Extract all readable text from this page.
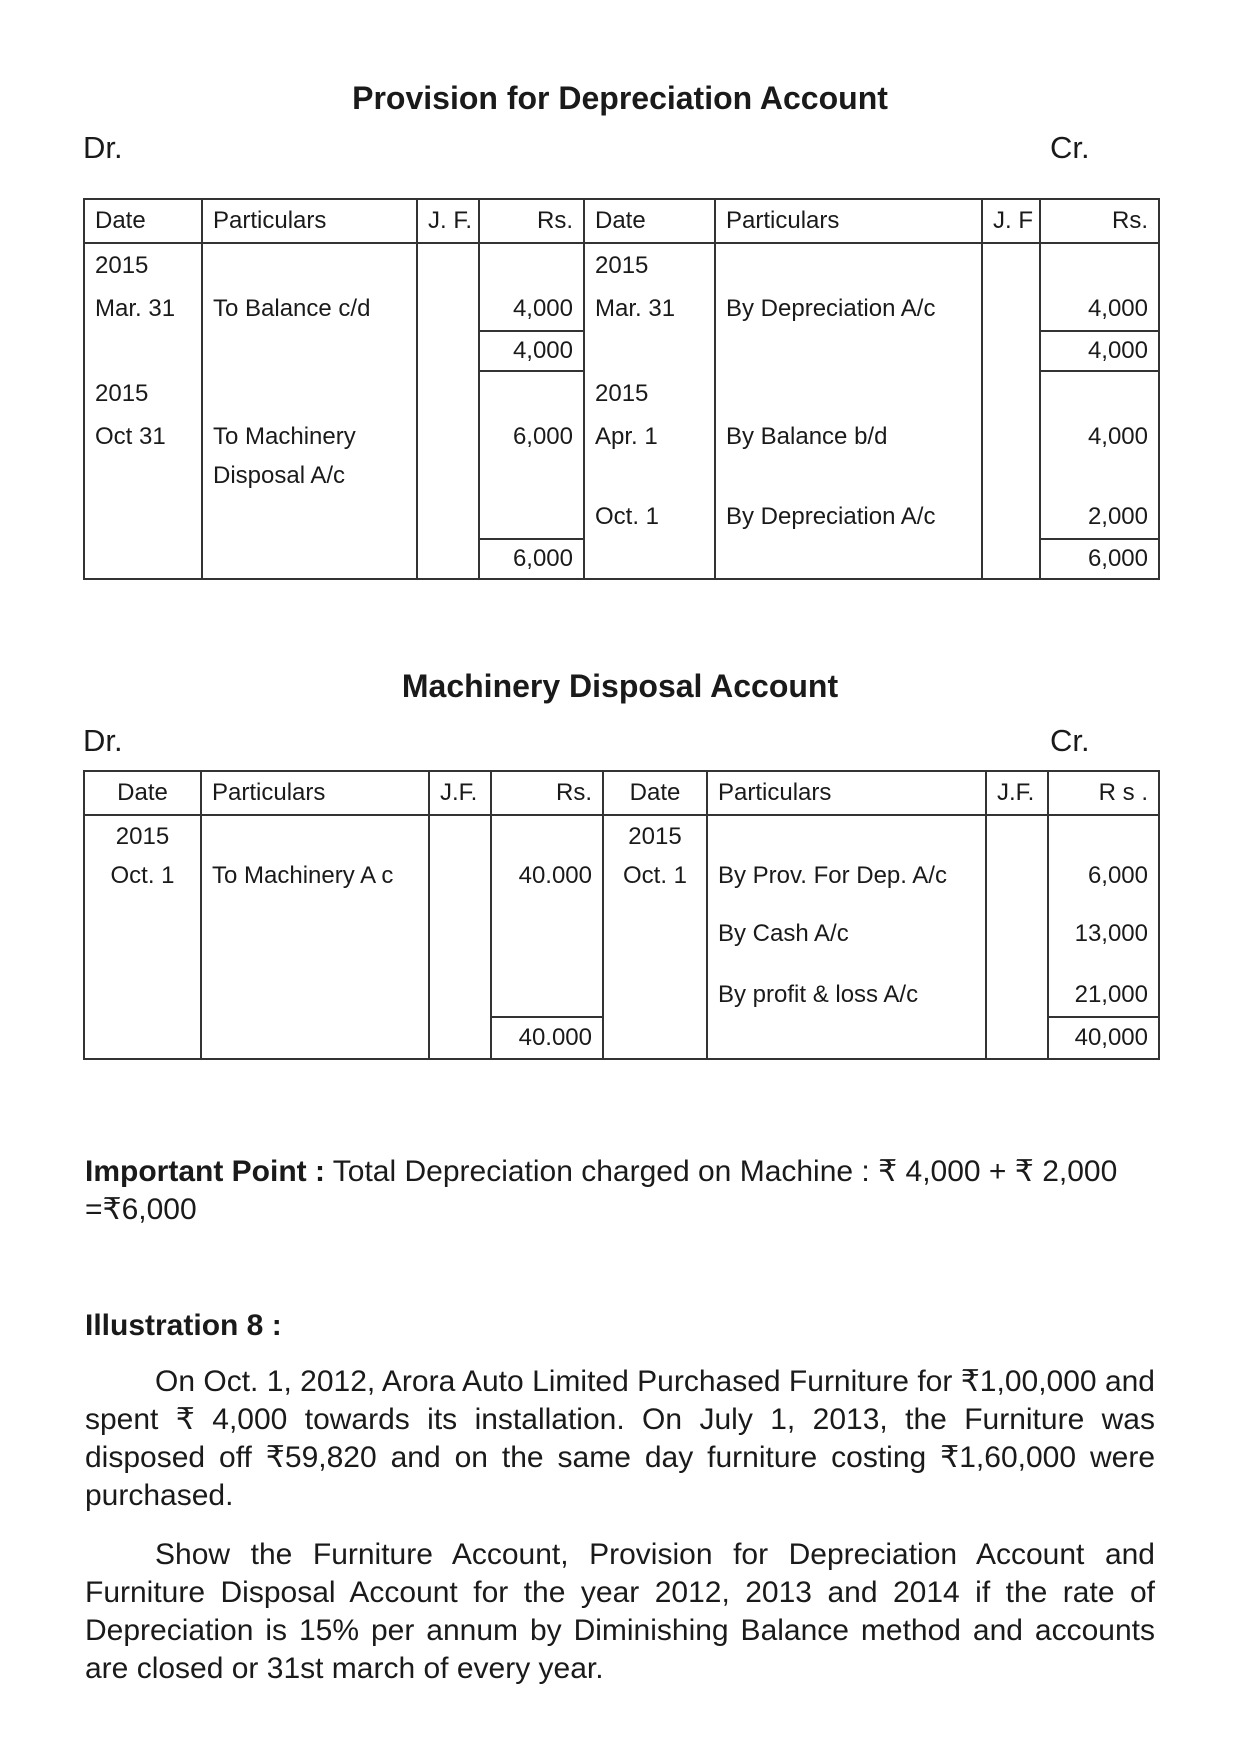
Provision for Depreciation Account
Dr.	Cr.
Date	Particulars	J. F.	Rs.	Date	Particulars	J. F	Rs.
2015				2015			
Mar. 31	To Balance c/d		4,000	Mar. 31	By Depreciation A/c		4,000
			4,000				4,000
2015				2015			
Oct 31	To Machinery		6,000	Apr. 1	By Balance b/d		4,000
	Disposal A/c						
				Oct. 1	By Depreciation A/c		2,000
			6,000				6,000
Machinery Disposal Account
Dr.	Cr.
Date	Particulars	J.F.	Rs.	Date	Particulars	J.F.	R s .
2015				2015			
Oct. 1	To Machinery A c		40.000	Oct. 1	By Prov. For Dep. A/c		6,000
					By Cash A/c		13,000
					By profit & loss A/c		21,000
			40.000				40,000
Important Point : Total Depreciation charged on Machine : ₹ 4,000 + ₹ 2,000 =₹6,000
Illustration 8 :
On Oct. 1, 2012, Arora Auto Limited Purchased Furniture for ₹1,00,000 and spent ₹ 4,000 towards its installation. On July 1, 2013, the Furniture was disposed off ₹59,820 and on the same day furniture costing ₹1,60,000 were purchased.
Show the Furniture Account, Provision for Depreciation Account and Furniture Disposal Account for the year 2012, 2013 and 2014 if the rate of Depreciation is 15% per annum by Diminishing Balance method and accounts are closed or 31st march of every year.
